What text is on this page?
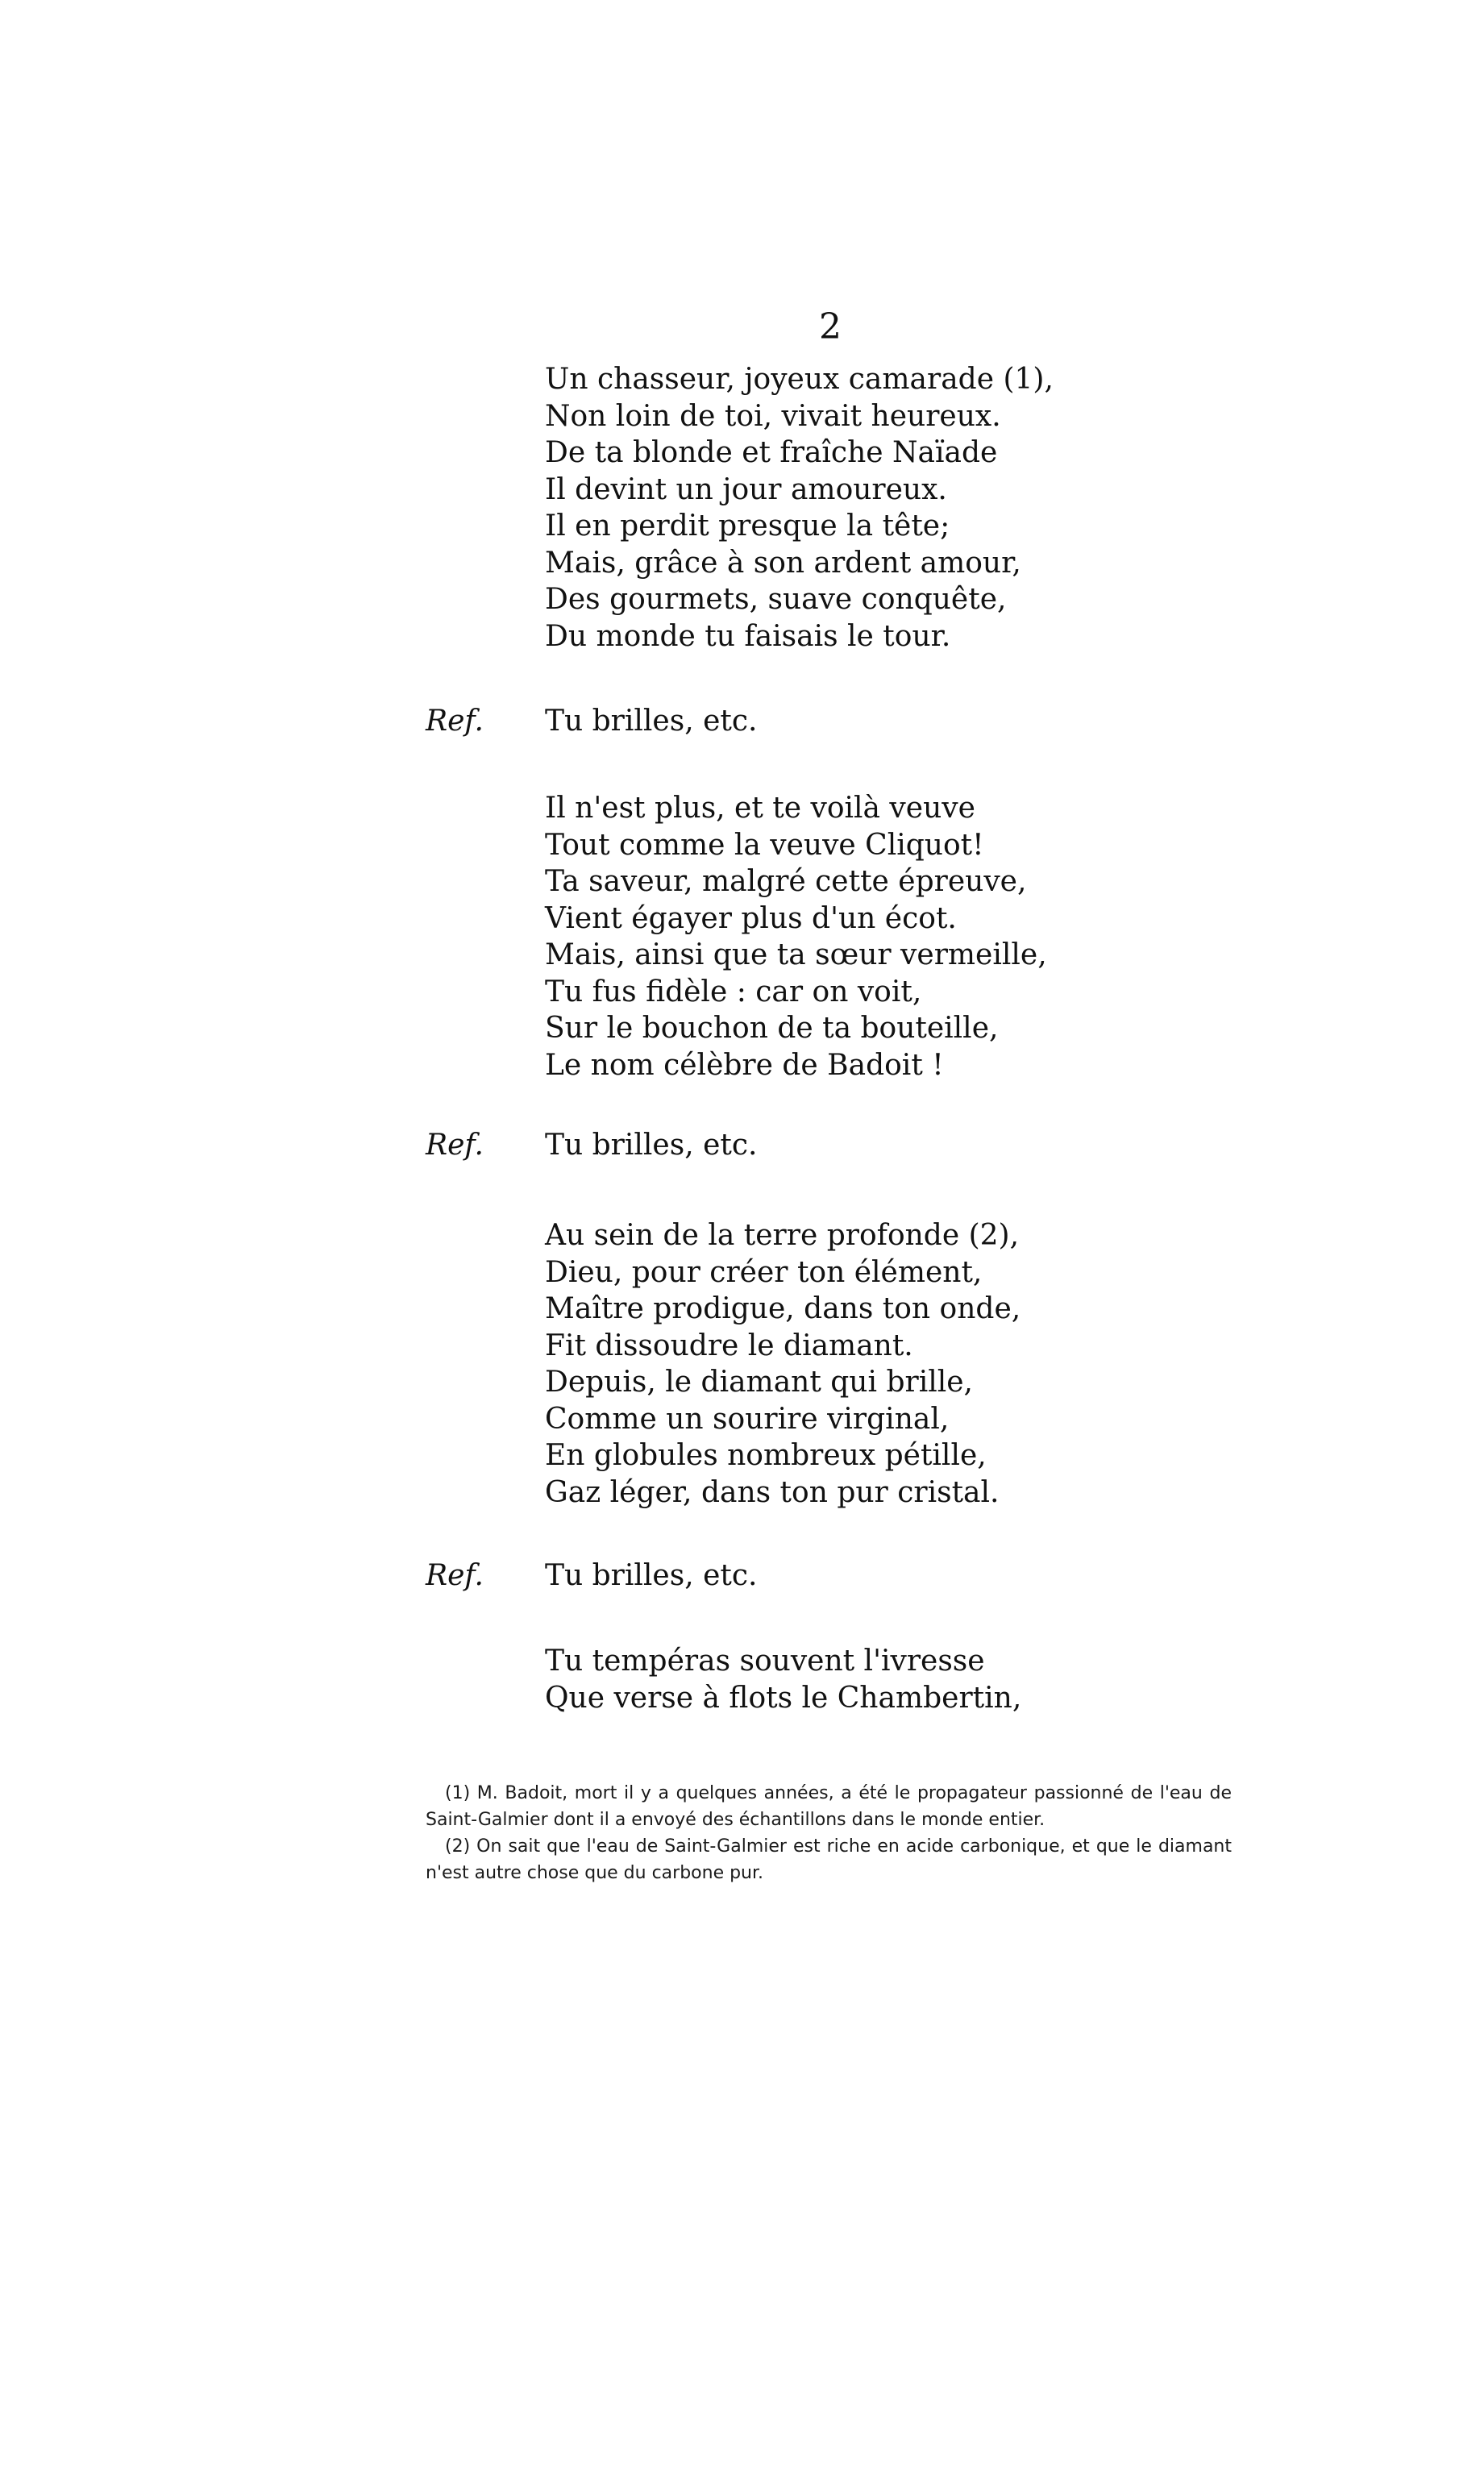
2
Un chasseur, joyeux camarade (1),
Non loin de toi, vivait heureux.
De ta blonde et fraîche Naïade
Il devint un jour amoureux.
Il en perdit presque la tête;
Mais, grâce à son ardent amour,
Des gourmets, suave conquête,
Du monde tu faisais le tour.
Ref. Tu brilles, etc.
Il n'est plus, et te voilà veuve
Tout comme la veuve Cliquot!
Ta saveur, malgré cette épreuve,
Vient égayer plus d'un écot.
Mais, ainsi que ta sœur vermeille,
Tu fus fidèle : car on voit,
Sur le bouchon de ta bouteille,
Le nom célèbre de Badoit !
Ref. Tu brilles, etc.
Au sein de la terre profonde (2),
Dieu, pour créer ton élément,
Maître prodigue, dans ton onde,
Fit dissoudre le diamant.
Depuis, le diamant qui brille,
Comme un sourire virginal,
En globules nombreux pétille,
Gaz léger, dans ton pur cristal.
Ref. Tu brilles, etc.
Tu tempéras souvent l'ivresse
Que verse à flots le Chambertin,
(1) M. Badoit, mort il y a quelques années, a été le propagateur passionné de l'eau de Saint-Galmier dont il a envoyé des échantillons dans le monde entier.
(2) On sait que l'eau de Saint-Galmier est riche en acide carbonique, et que le diamant n'est autre chose que du carbone pur.
